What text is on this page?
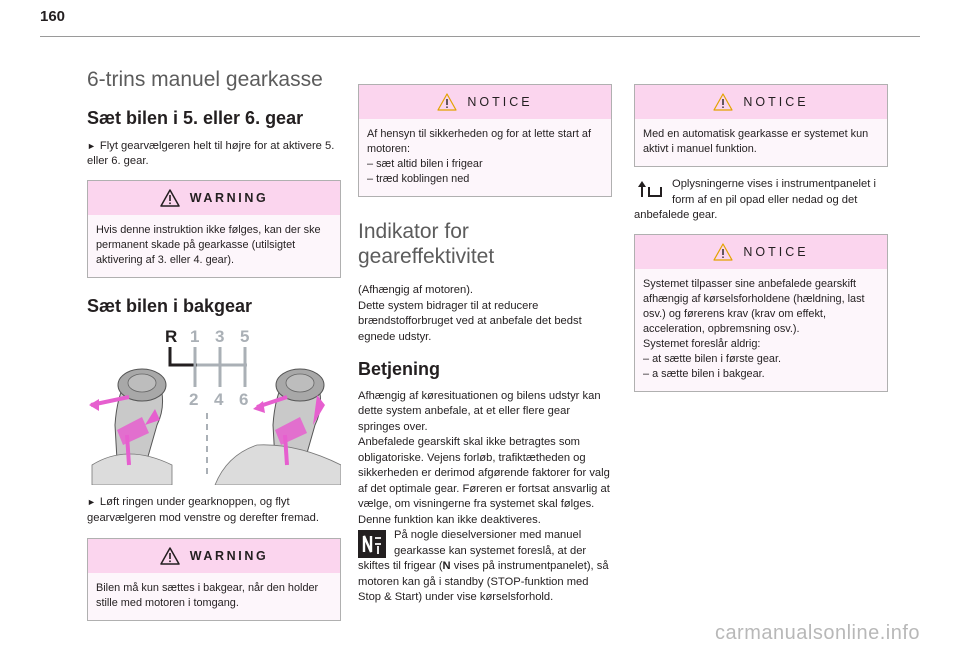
160
6-trins manuel gearkasse
Sæt bilen i 5. eller 6. gear

► Flyt gearvælgeren helt til højre for at aktivere 5. eller 6. gear.

WARNING

Hvis denne instruktion ikke følges, kan der ske permanent skade på gearkasse (utilsigtet aktivering af 3. eller 4. gear).

Sæt bilen i bakgear
R 1 3 5
2 4 6

► Løft ringen under gearknoppen, og flyt gearvælgeren mod venstre og derefter fremad.

WARNING

Bilen må kun sættes i bakgear, når den holder stille med motoren i tomgang.

NOTICE

Af hensyn til sikkerheden og for at lette start af motoren:

– sæt altid bilen i frigear

– træd koblingen ned

Indikator for
geareffektivitet

(Afhængig af motoren).
Dette system bidrager til at reducere brændstofforbruget ved at anbefale det bedst egnede udstyr.

Betjening

Afhængig af køresituationen og bilens udstyr kan dette system anbefale, at et eller flere gear springes over.
Anbefalede gearskift skal ikke betragtes som obligatoriske. Vejens forløb, trafiktætheden og sikkerheden er derimod afgørende faktorer for valg af det optimale gear. Føreren er fortsat ansvarlig at vælge, om visningerne fra systemet skal følges.
Denne funktion kan ikke deaktiveres.

På nogle dieselversioner med manuel gearkasse kan systemet foreslå, at der skiftes til frigear (N vises på instrumentpanelet), så motoren kan gå i standby (STOP-funktion med Stop & Start) under vise kørselsforhold.

NOTICE

Med en automatisk gearkasse er systemet kun aktivt i manuel funktion.

Oplysningerne vises i instrumentpanelet i form af en pil opad eller nedad og det anbefalede gear.

NOTICE

Systemet tilpasser sine anbefalede gearskift afhængig af kørselsforholdene (hældning, last osv.) og førerens krav (krav om effekt, acceleration, opbremsning osv.).

Systemet foreslår aldrig:

– at sætte bilen i første gear.

– a sætte bilen i bakgear.

carmanualsonline.info
